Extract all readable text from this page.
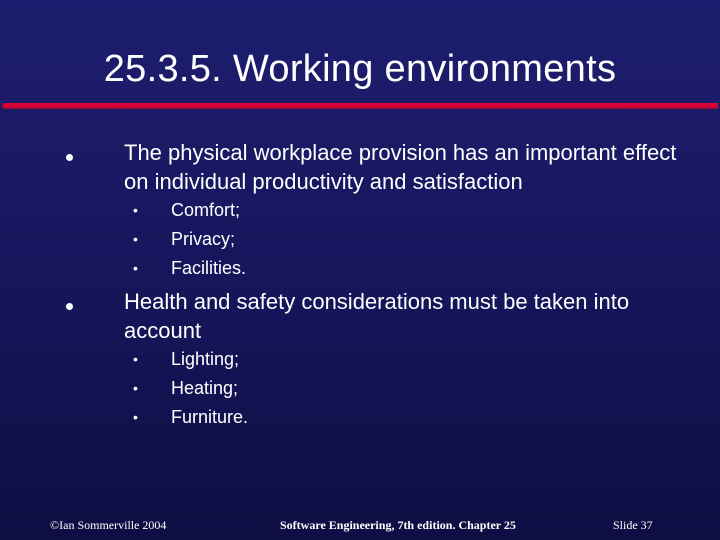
25.3.5. Working environments
The physical workplace provision has an important effect on individual productivity and satisfaction
• Comfort;
• Privacy;
• Facilities.
Health and safety considerations must be taken into account
• Lighting;
• Heating;
• Furniture.
©Ian Sommerville 2004	Software Engineering, 7th edition. Chapter 25	Slide 37
